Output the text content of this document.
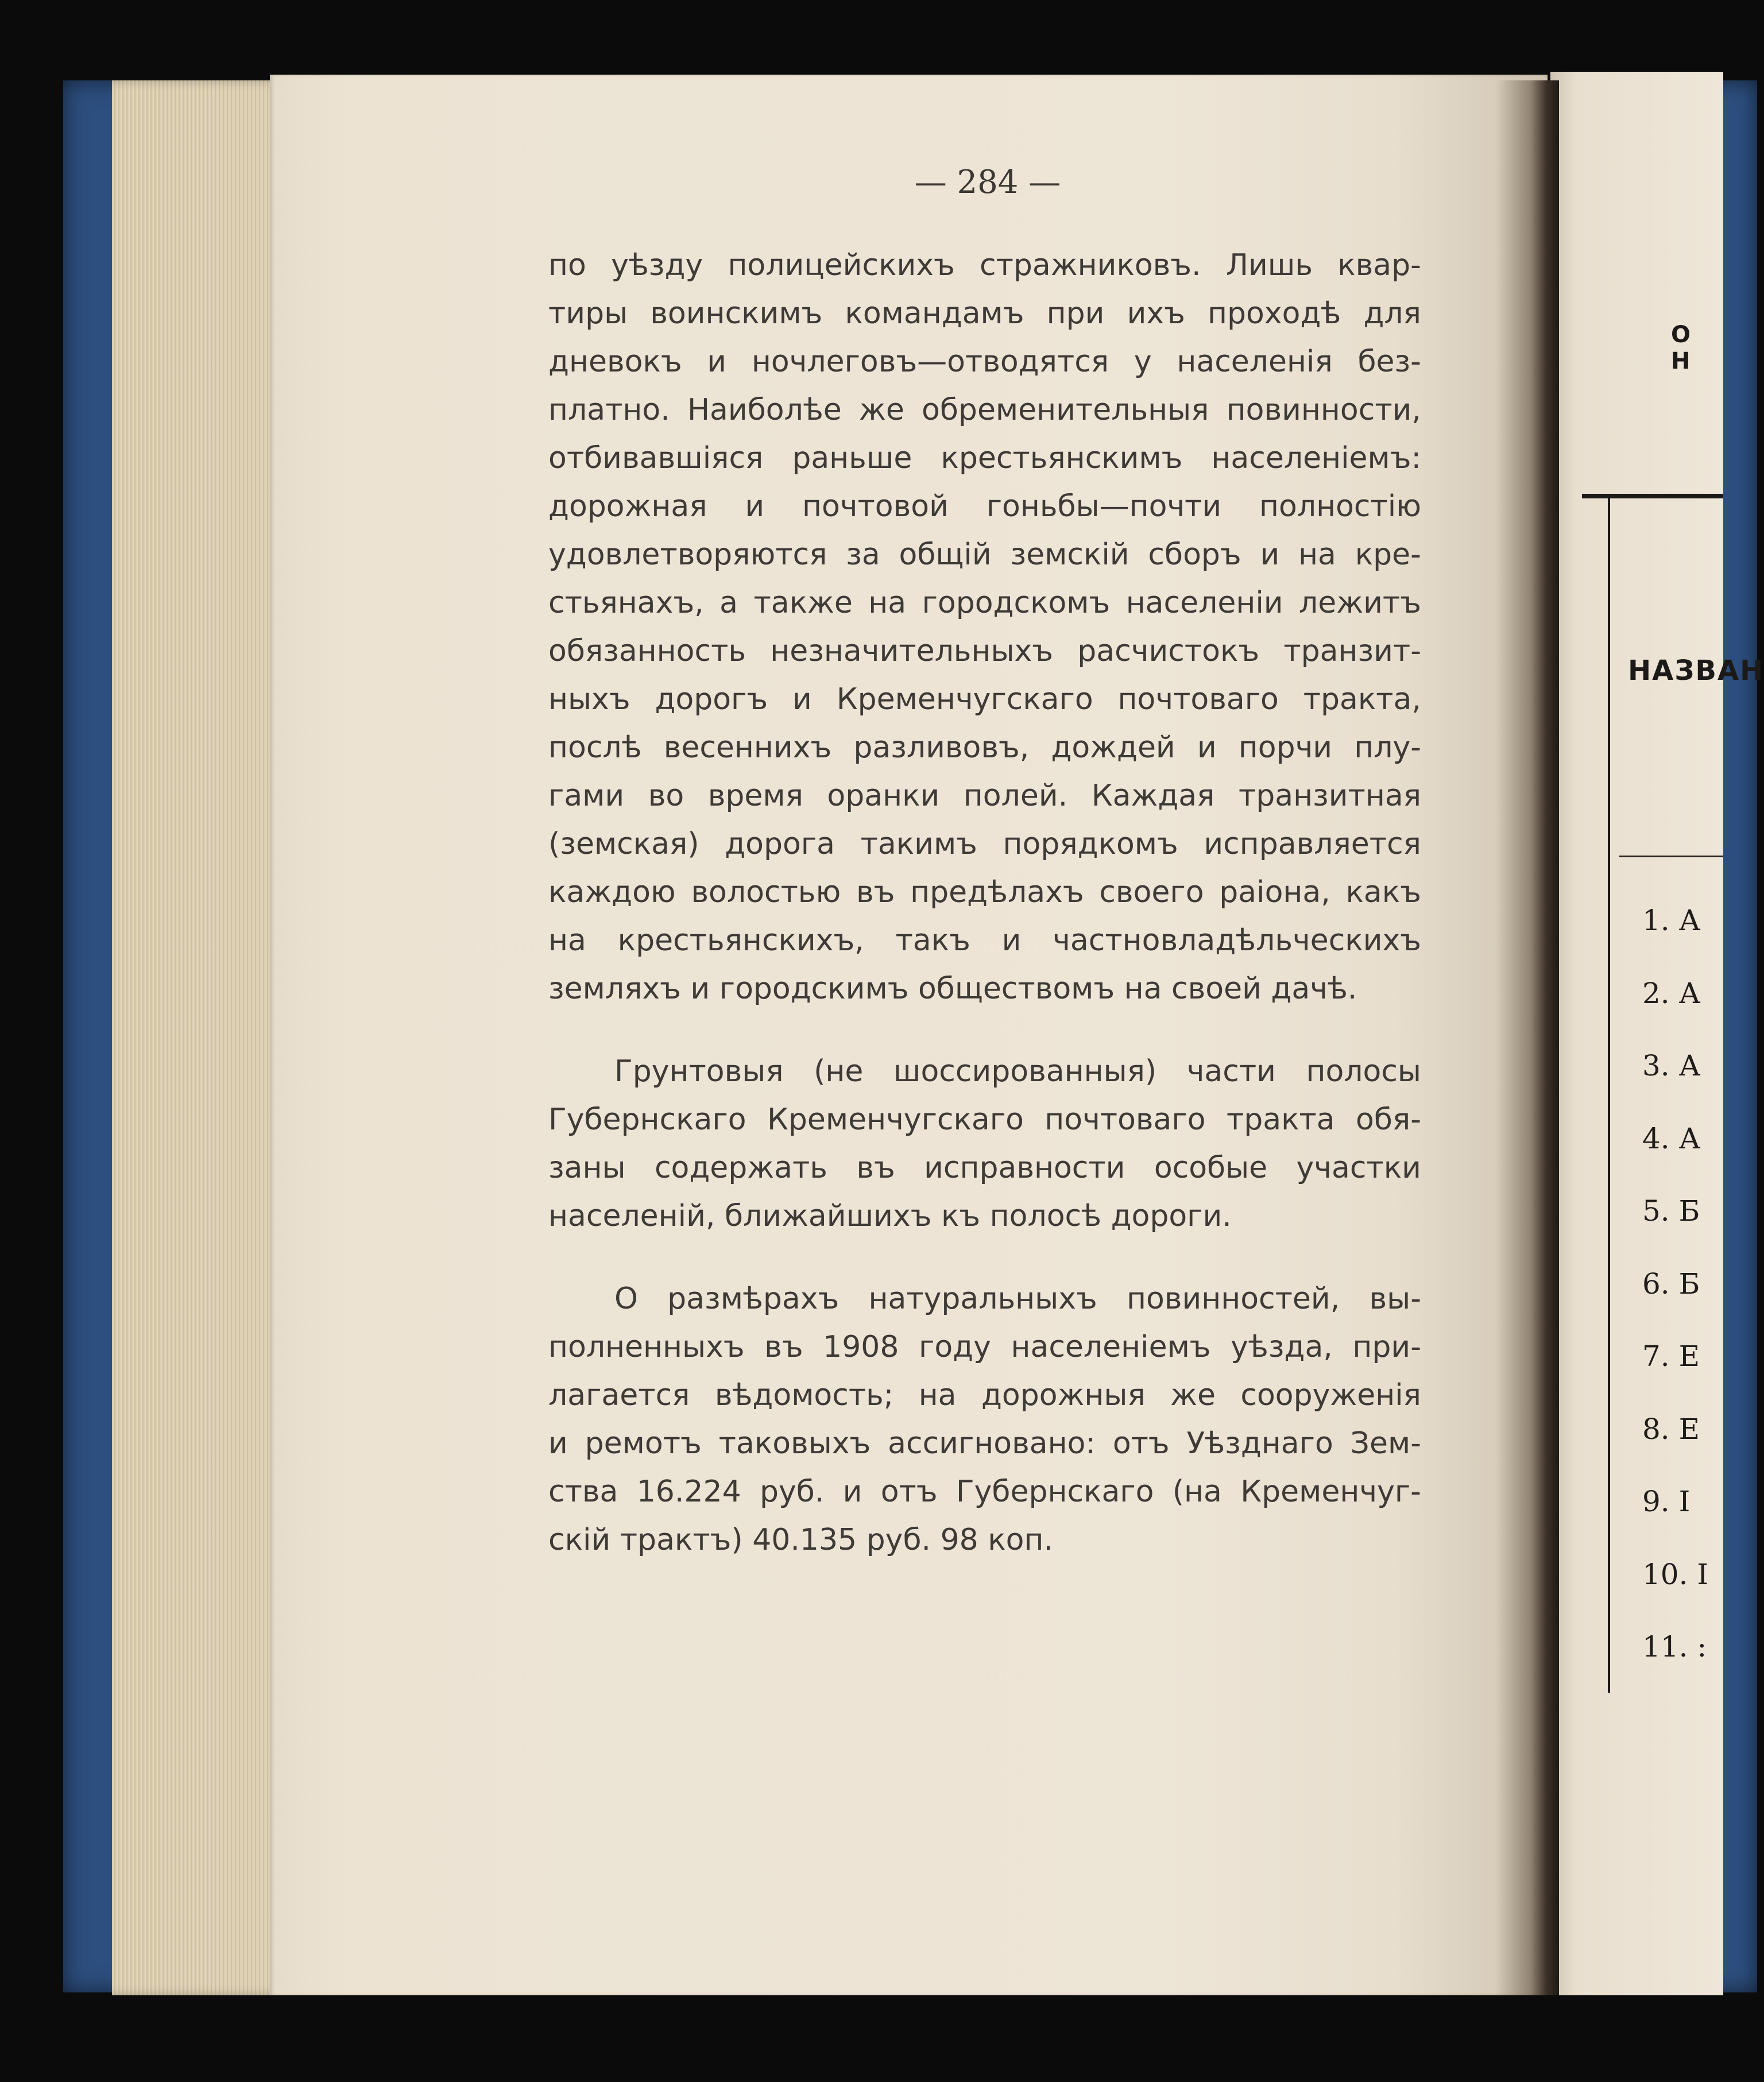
— 284 —
по уѣзду полицейскихъ стражниковъ. Лишь квар-
тиры воинскимъ командамъ при ихъ проходѣ для
дневокъ и ночлеговъ—отводятся у населенія без-
платно. Наиболѣе же обременительныя повинности,
отбивавшіяся раньше крестьянскимъ населеніемъ:
дорожная и почтовой гоньбы—почти полностію
удовлетворяются за общій земскій сборъ и на кре-
стьянахъ, а также на городскомъ населеніи лежитъ
обязанность незначительныхъ расчистокъ транзит-
ныхъ дорогъ и Кременчугскаго почтоваго тракта,
послѣ весеннихъ разливовъ, дождей и порчи плу-
гами во время оранки полей. Каждая транзитная
(земская) дорога такимъ порядкомъ исправляется
каждою волостью въ предѣлахъ своего раіона, какъ
на крестьянскихъ, такъ и частновладѣльческихъ
земляхъ и городскимъ обществомъ на своей дачѣ.
Грунтовыя (не шоссированныя) части полосы
Губернскаго Кременчугскаго почтоваго тракта обя-
заны содержать въ исправности особые участки
населеній, ближайшихъ къ полосѣ дороги.
О размѣрахъ натуральныхъ повинностей, вы-
полненныхъ въ 1908 году населеніемъ уѣзда, при-
лагается вѣдомость; на дорожныя же сооруженія
и ремотъ таковыхъ ассигновано: отъ Уѣзднаго Зем-
ства 16.224 руб. и отъ Губернскаго (на Кременчуг-
скій трактъ) 40.135 руб. 98 коп.
О Н
НАЗВАН
1. А
2. А
3. А
4. А
5. Б
6. Б
7. Е
8. Е
9. І
10. І
11. :
